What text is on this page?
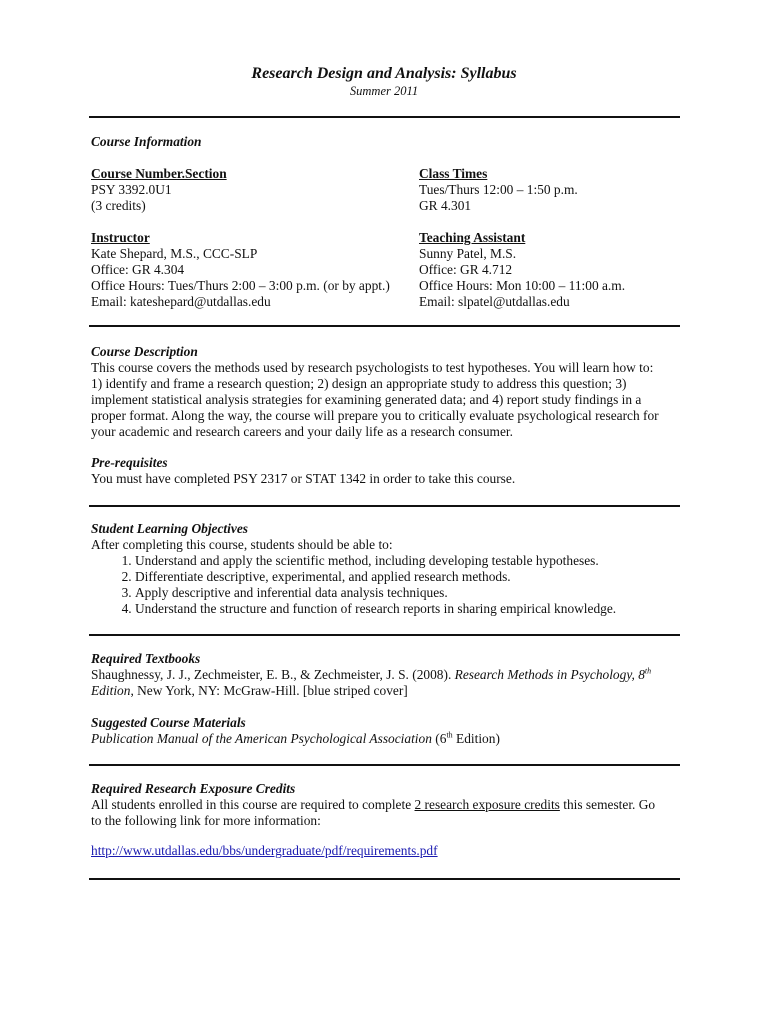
Research Design and Analysis: Syllabus
Summer 2011
Course Information
Course Number.Section
PSY 3392.0U1
(3 credits)
Class Times
Tues/Thurs 12:00 – 1:50 p.m.
GR 4.301
Instructor
Kate Shepard, M.S., CCC-SLP
Office: GR 4.304
Office Hours: Tues/Thurs 2:00 – 3:00 p.m. (or by appt.)
Email: kateshepard@utdallas.edu
Teaching Assistant
Sunny Patel, M.S.
Office: GR 4.712
Office Hours: Mon 10:00 – 11:00 a.m.
Email: slpatel@utdallas.edu
Course Description
This course covers the methods used by research psychologists to test hypotheses. You will learn how to:
1) identify and frame a research question; 2) design an appropriate study to address this question; 3)
implement statistical analysis strategies for examining generated data; and 4) report study findings in a
proper format. Along the way, the course will prepare you to critically evaluate psychological research for
your academic and research careers and your daily life as a research consumer.
Pre-requisites
You must have completed PSY 2317 or STAT 1342 in order to take this course.
Student Learning Objectives
After completing this course, students should be able to:
1. Understand and apply the scientific method, including developing testable hypotheses.
2. Differentiate descriptive, experimental, and applied research methods.
3. Apply descriptive and inferential data analysis techniques.
4. Understand the structure and function of research reports in sharing empirical knowledge.
Required Textbooks
Shaughnessy, J. J., Zechmeister, E. B., & Zechmeister, J. S. (2008). Research Methods in Psychology, 8th
Edition, New York, NY: McGraw-Hill. [blue striped cover]
Suggested Course Materials
Publication Manual of the American Psychological Association (6th Edition)
Required Research Exposure Credits
All students enrolled in this course are required to complete 2 research exposure credits this semester. Go
to the following link for more information:
http://www.utdallas.edu/bbs/undergraduate/pdf/requirements.pdf
